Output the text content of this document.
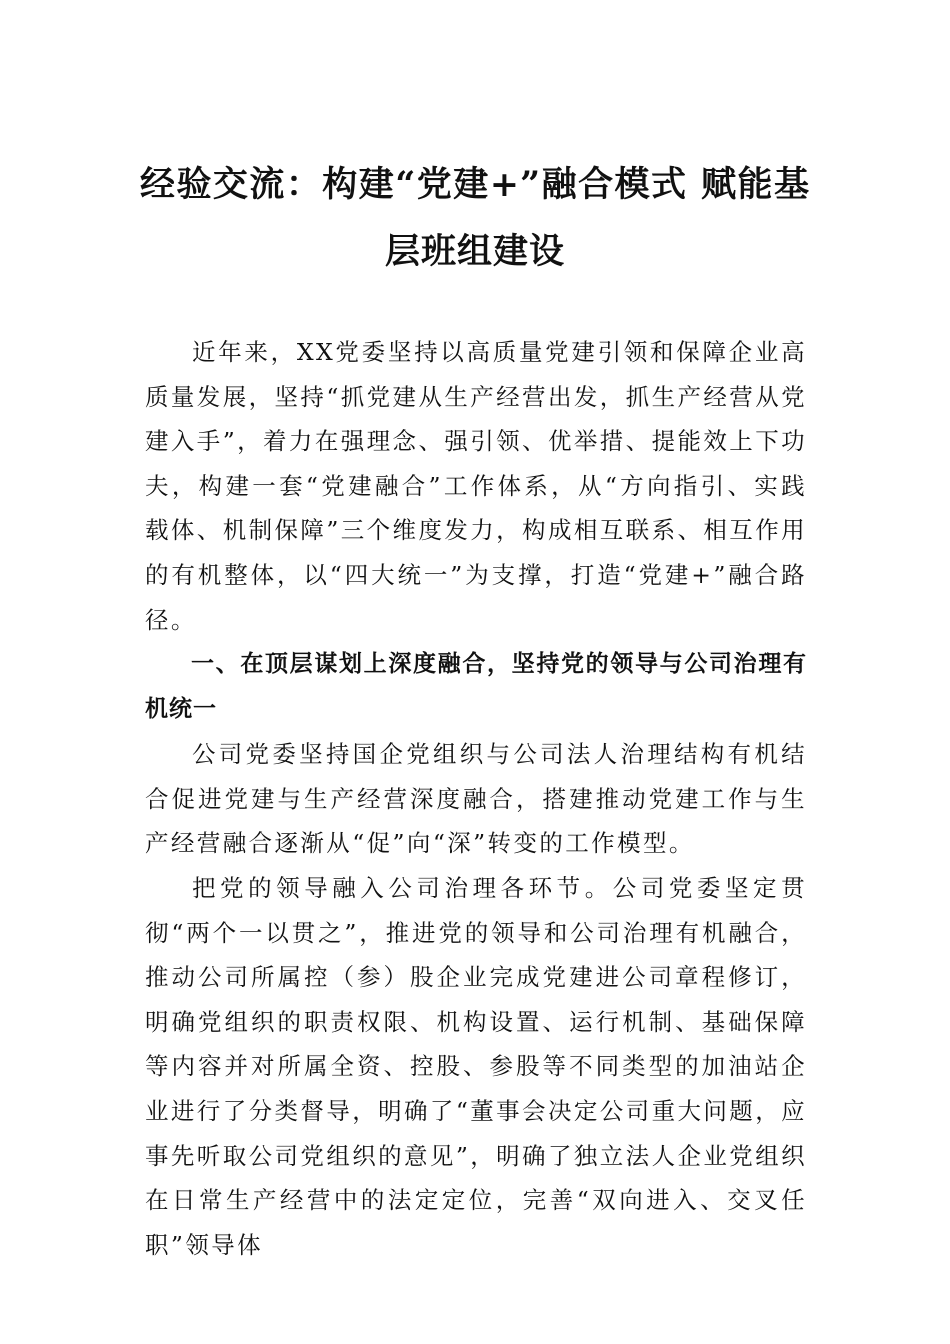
经验交流：构建“党建+”融合模式 赋能基
层班组建设

近年来，XX党委坚持以高质量党建引领和保障企业高质量发展，坚持“抓党建从生产经营出发，抓生产经营从党建入手”，着力在强理念、强引领、优举措、提能效上下功夫，构建一套“党建融合”工作体系，从“方向指引、实践载体、机制保障”三个维度发力，构成相互联系、相互作用的有机整体，以“四大统一”为支撑，打造“党建+”融合路径。

一、在顶层谋划上深度融合，坚持党的领导与公司治理有机统一

公司党委坚持国企党组织与公司法人治理结构有机结合促进党建与生产经营深度融合，搭建推动党建工作与生产经营融合逐渐从“促”向“深”转变的工作模型。

把党的领导融入公司治理各环节。公司党委坚定贯彻“两个一以贯之”，推进党的领导和公司治理有机融合，推动公司所属控（参）股企业完成党建进公司章程修订，明确党组织的职责权限、机构设置、运行机制、基础保障等内容并对所属全资、控股、参股等不同类型的加油站企业进行了分类督导，明确了“董事会决定公司重大问题，应事先听取公司党组织的意见”，明确了独立法人企业党组织在日常生产经营中的法定定位，完善“双向进入、交叉任职”领导体
